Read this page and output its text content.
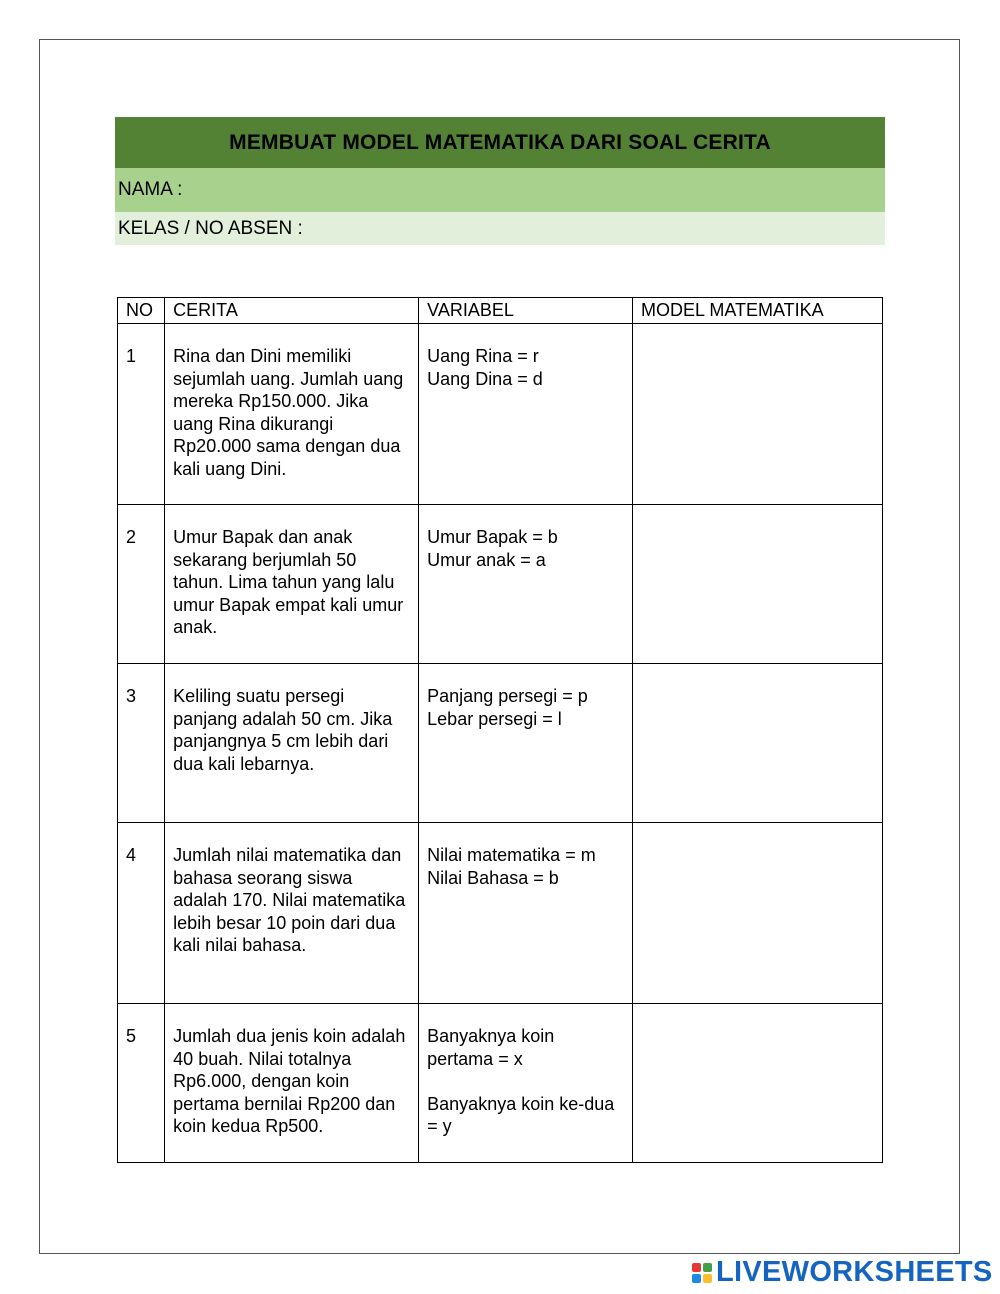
MEMBUAT MODEL MATEMATIKA DARI SOAL CERITA
NAMA :
KELAS / NO ABSEN :
NO	CERITA	VARIABEL	MODEL MATEMATIKA
1	Rina dan Dini memiliki sejumlah uang. Jumlah uang mereka Rp150.000. Jika uang Rina dikurangi Rp20.000 sama dengan dua kali uang Dini.	Uang Rina = r
Uang Dina = d	

2	Umur Bapak dan anak sekarang berjumlah 50 tahun. Lima tahun yang lalu umur Bapak empat kali umur anak.	Umur Bapak = b
Umur anak = a	

3	Keliling suatu persegi panjang adalah 50 cm. Jika panjangnya 5 cm lebih dari dua kali lebarnya.	Panjang persegi = p
Lebar persegi = l	

4	Jumlah nilai matematika dan bahasa seorang siswa adalah 170. Nilai matematika lebih besar 10 poin dari dua kali nilai bahasa.	Nilai matematika = m
Nilai Bahasa = b	

5	Jumlah dua jenis koin adalah 40 buah. Nilai totalnya Rp6.000, dengan koin pertama bernilai Rp200 dan koin kedua Rp500.	Banyaknya koin pertama = x
Banyaknya koin ke-dua = y	

LIVEWORKSHEETS
